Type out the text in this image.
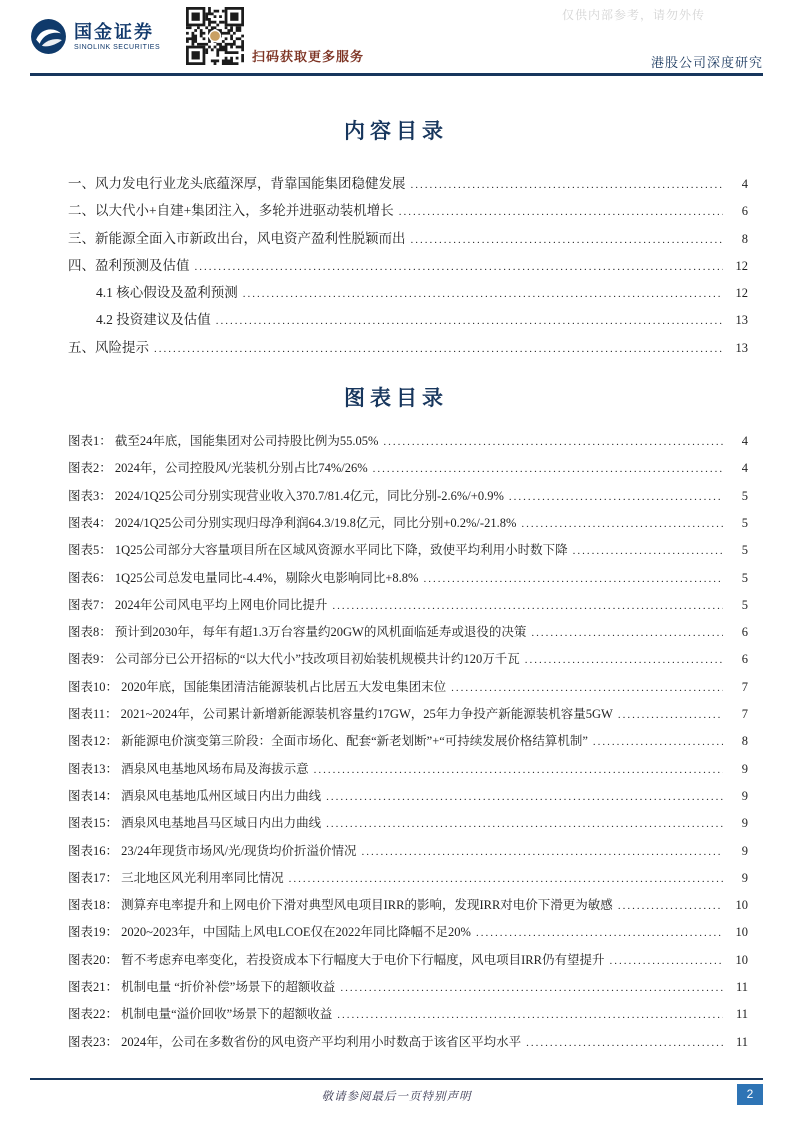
仅供内部参考，请勿外传
国金证券
SINOLINK SECURITIES
扫码获取更多服务	港股公司深度研究
内容目录
一、风力发电行业龙头底蕴深厚，背靠国能集团稳健发展 .....	4
二、以大代小+自建+集团注入，多轮并进驱动装机增长 .....	6
三、新能源全面入市新政出台，风电资产盈利性脱颖而出 .....	8
四、盈利预测及估值 .....	12
4.1 核心假设及盈利预测 .....	12
4.2 投资建议及估值 .....	13
五、风险提示 .....	13
图表目录
图表1： 截至24年底，国能集团对公司持股比例为55.05% .....	4
图表2： 2024年，公司控股风/光装机分别占比74%/26% .....	4
图表3： 2024/1Q25公司分别实现营业收入370.7/81.4亿元，同比分别-2.6%/+0.9% .....	5
图表4： 2024/1Q25公司分别实现归母净利润64.3/19.8亿元，同比分别+0.2%/-21.8% .....	5
图表5： 1Q25公司部分大容量项目所在区域风资源水平同比下降，致使平均利用小时数下降 .....	5
图表6： 1Q25公司总发电量同比-4.4%，剔除火电影响同比+8.8% .....	5
图表7： 2024年公司风电平均上网电价同比提升 .....	5
图表8： 预计到2030年，每年有超1.3万台容量约20GW的风机面临延寿或退役的决策 .....	6
图表9： 公司部分已公开招标的“以大代小”技改项目初始装机规模共计约120万千瓦 .....	6
图表10： 2020年底，国能集团清洁能源装机占比居五大发电集团末位 .....	7
图表11： 2021~2024年，公司累计新增新能源装机容量约17GW，25年力争投产新能源装机容量5GW .....	7
图表12： 新能源电价演变第三阶段：全面市场化、配套“新老划断”+“可持续发展价格结算机制” .....	8
图表13： 酒泉风电基地风场布局及海拔示意 .....	9
图表14： 酒泉风电基地瓜州区域日内出力曲线 .....	9
图表15： 酒泉风电基地昌马区域日内出力曲线 .....	9
图表16： 23/24年现货市场风/光/现货均价折溢价情况 .....	9
图表17： 三北地区风光利用率同比情况 .....	9
图表18： 测算弃电率提升和上网电价下滑对典型风电项目IRR的影响，发现IRR对电价下滑更为敏感 .....	10
图表19： 2020~2023年，中国陆上风电LCOE仅在2022年同比降幅不足20% .....	10
图表20： 暂不考虑弃电率变化，若投资成本下行幅度大于电价下行幅度，风电项目IRR仍有望提升 .....	10
图表21： 机制电量 “折价补偿”场景下的超额收益 .....	11
图表22： 机制电量“溢价回收”场景下的超额收益 .....	11
图表23： 2024年，公司在多数省份的风电资产平均利用小时数高于该省区平均水平 .....	11
敬请参阅最后一页特别声明	2
